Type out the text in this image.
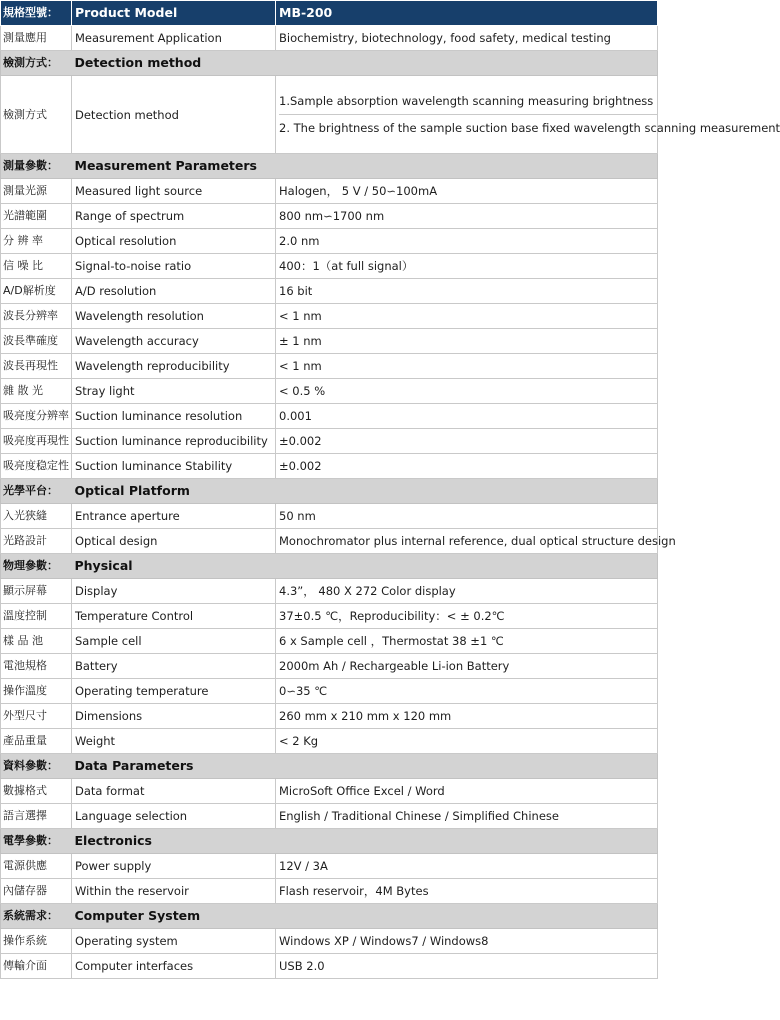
規格型號：	Product Model	MB-200
測量應用	Measurement Application	Biochemistry, biotechnology, food safety, medical testing
檢測方式：	Detection method	
檢測方式	Detection method	1.Sample absorption wavelength scanning measuring brightness
2. The brightness of the sample suction base fixed wavelength scanning measurement

測量參數：	Measurement Parameters	
測量光源	Measured light source	Halogen， 5 V / 50∽100mA
光譜範圍	Range of spectrum	800 nm∽1700 nm
分 辨 率	Optical resolution	2.0 nm
信 噪 比	Signal-to-noise ratio	400：1（at full signal）
A/D解析度	A/D resolution	16 bit
波長分辨率	Wavelength resolution	< 1 nm
波長準確度	Wavelength accuracy	± 1 nm
波長再現性	Wavelength reproducibility	< 1 nm
雜 散 光	Stray light	< 0.5 %
吸亮度分辨率	Suction luminance resolution	0.001
吸亮度再現性	Suction luminance reproducibility	±0.002
吸亮度稳定性	Suction luminance Stability	±0.002
光學平台：	Optical Platform	
入光狹縫	Entrance aperture	50 nm
光路設計	Optical design	Monochromator plus internal reference, dual optical structure design
物理參數：	Physical	
顯示屏幕	Display	4.3”， 480 X 272 Color display
溫度控制	Temperature Control	37±0.5 ℃，Reproducibility：< ± 0.2℃
樣 品 池	Sample cell	6 x Sample cell ，Thermostat 38 ±1 ℃
電池規格	Battery	2000m Ah / Rechargeable Li-ion Battery
操作溫度	Operating temperature	0∽35 ℃
外型尺寸	Dimensions	260 mm x 210 mm x 120 mm
產品重量	Weight	< 2 Kg
資料參數：	Data Parameters	
數據格式	Data format	MicroSoft Office Excel / Word
語言選擇	Language selection	English / Traditional Chinese / Simplified Chinese
電學參數：	Electronics	
電源供應	Power supply	12V / 3A
內儲存器	Within the reservoir	Flash reservoir，4M Bytes
系統需求：	Computer System	
操作系統	Operating system	Windows XP / Windows7 / Windows8
傳輸介面	Computer interfaces	USB 2.0
